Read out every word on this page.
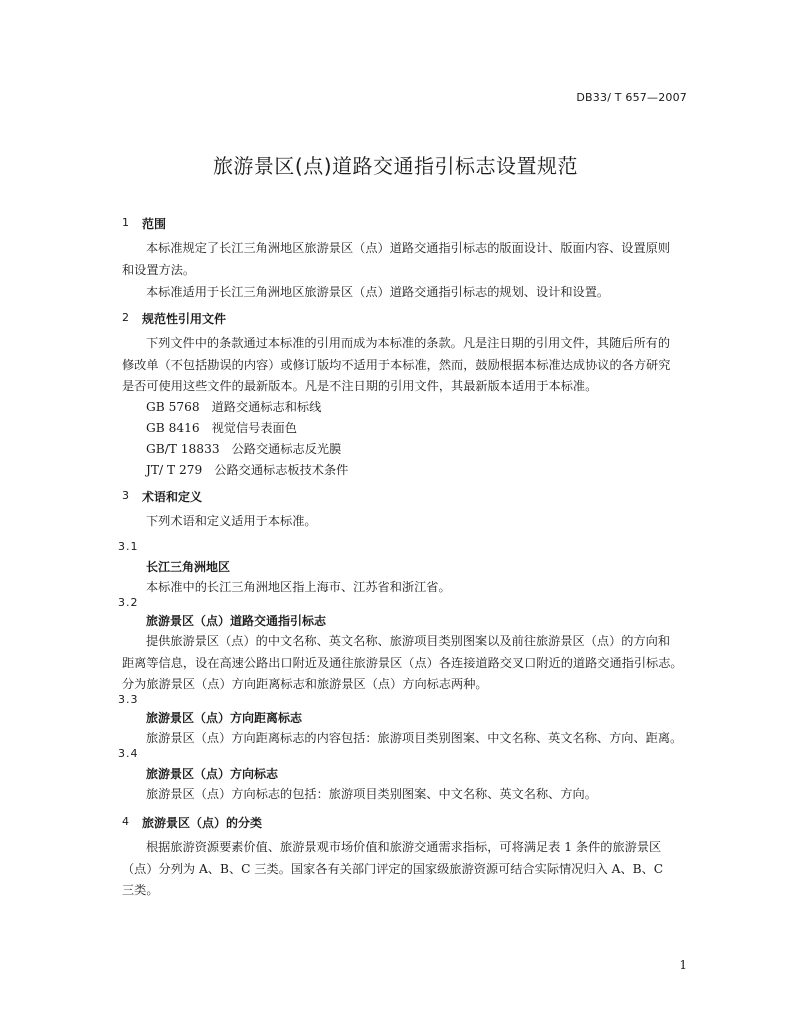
DB33/ T 657—2007
旅游景区(点)道路交通指引标志设置规范
1 范围
本标准规定了长江三角洲地区旅游景区（点）道路交通指引标志的版面设计、版面内容、设置原则
和设置方法。
本标准适用于长江三角洲地区旅游景区（点）道路交通指引标志的规划、设计和设置。
2 规范性引用文件
下列文件中的条款通过本标准的引用而成为本标准的条款。凡是注日期的引用文件，其随后所有的
修改单（不包括勘误的内容）或修订版均不适用于本标准，然而，鼓励根据本标准达成协议的各方研究
是否可使用这些文件的最新版本。凡是不注日期的引用文件，其最新版本适用于本标准。
GB 5768 道路交通标志和标线
GB 8416 视觉信号表面色
GB/T 18833 公路交通标志反光膜
JT/ T 279 公路交通标志板技术条件
3 术语和定义
下列术语和定义适用于本标准。
3.1
长江三角洲地区
本标准中的长江三角洲地区指上海市、江苏省和浙江省。
3.2
旅游景区（点）道路交通指引标志
提供旅游景区（点）的中文名称、英文名称、旅游项目类别图案以及前往旅游景区（点）的方向和
距离等信息，设在高速公路出口附近及通往旅游景区（点）各连接道路交叉口附近的道路交通指引标志。
分为旅游景区（点）方向距离标志和旅游景区（点）方向标志两种。
3.3
旅游景区（点）方向距离标志
旅游景区（点）方向距离标志的内容包括：旅游项目类别图案、中文名称、英文名称、方向、距离。
3.4
旅游景区（点）方向标志
旅游景区（点）方向标志的包括：旅游项目类别图案、中文名称、英文名称、方向。
4 旅游景区（点）的分类
根据旅游资源要素价值、旅游景观市场价值和旅游交通需求指标，可将满足表 1 条件的旅游景区
（点）分列为 A、B、C 三类。国家各有关部门评定的国家级旅游资源可结合实际情况归入 A、B、C
三类。
1
